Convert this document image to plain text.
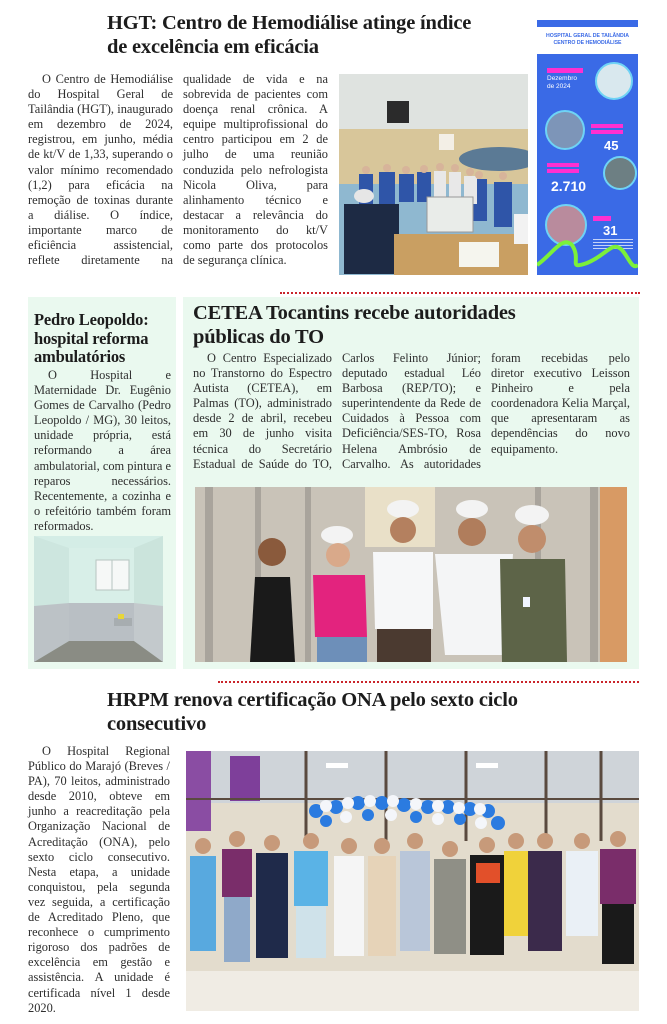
HGT: Centro de Hemodiálise atinge índice
de excelência em eficácia

O Centro de Hemodiálise do Hospital Geral de Tailândia (HGT), inaugurado em dezembro de 2024, registrou, em junho, média de kt/V de 1,33, superando o valor mínimo recomendado (1,2) para eficácia na remoção de toxinas durante a diálise. O índice, importante marco de eficiência assistencial, reflete diretamente na qualidade de vida e na sobrevida de pacientes com doença renal crônica. A equipe multiprofissional do centro participou em 2 de julho de uma reunião conduzida pelo nefrologista Nicola Oliva, para alinhamento técnico e destacar a relevância do monitoramento do kt/V como parte dos protocolos de segurança clínica.

HOSPITAL GERAL DE TAILÂNDIA
CENTRO DE HEMODIÁLISE
Dezembro
de 2024
45
2.710
31
Pedro Leopoldo:
hospital reforma
ambulatórios

O Hospital e Maternidade Dr. Eugênio Gomes de Carvalho (Pedro Leopoldo / MG), 30 leitos, unidade própria, está reformando a área ambulatorial, com pintura e reparos necessários. Recentemente, a cozinha e o refeitório também foram reformados.

CETEA Tocantins recebe autoridades
públicas do TO

O Centro Especializado no Transtorno do Espectro Autista (CETEA), em Palmas (TO), administrado desde 2 de abril, recebeu em 30 de junho visita técnica do Secretário Estadual de Saúde do TO, Carlos Felinto Júnior; deputado estadual Léo Barbosa (REP/TO); e superintendente da Rede de Cuidados à Pessoa com Deficiência/SES-TO, Rosa Helena Ambrósio de Carvalho. As autoridades foram recebidas pelo diretor executivo Leisson Pinheiro e pela coordenadora Kelia Marçal, que apresentaram as dependências do novo equipamento.

HRPM renova certificação ONA pelo sexto ciclo
consecutivo

O Hospital Regional Público do Marajó (Breves / PA), 70 leitos, administrado desde 2010, obteve em junho a reacreditação pela Organização Nacional de Acreditação (ONA), pelo sexto ciclo consecutivo. Nesta etapa, a unidade conquistou, pela segunda vez seguida, a certificação de Acreditado Pleno, que reconhece o cumprimento rigoroso dos padrões de excelência em gestão e assistência. A unidade é certificada nível 1 desde 2020.
